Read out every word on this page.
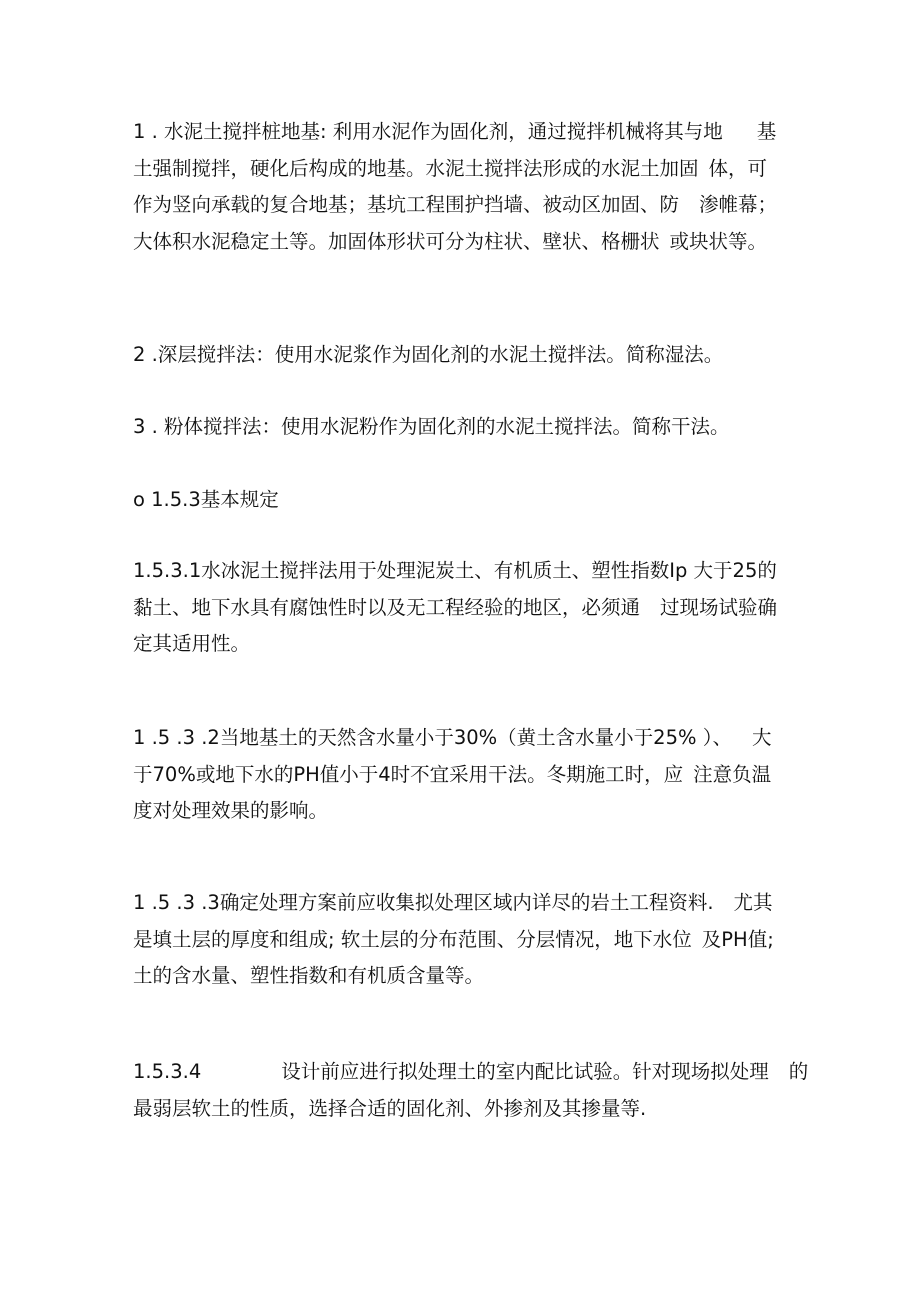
1 . 水泥土搅拌桩地基: 利用水泥作为固化剂，通过搅拌机械将其与地 基
土强制搅拌，硬化后构成的地基。水泥土搅拌法形成的水泥土加固 体，可
作为竖向承载的复合地基；基坑工程围护挡墙、被动区加固、防 渗帷幕；
大体积水泥稳定土等。加固体形状可分为柱状、壁状、格栅状 或块状等。
2 .深层搅拌法：使用水泥浆作为固化剂的水泥土搅拌法。简称湿法。
3 . 粉体搅拌法：使用水泥粉作为固化剂的水泥土搅拌法。简称干法。
o 1.5.3基本规定
1.5.3.1水冰泥土搅拌法用于处理泥炭土、有机质土、塑性指数Ip 大于25的
黏土、地下水具有腐蚀性时以及无工程经验的地区，必须通 过现场试验确
定其适用性。
1 .5 .3 .2当地基土的天然含水量小于30%（黄土含水量小于25% ）、 大
于70%或地下水的PH值小于4时不宜采用干法。冬期施工时，应 注意负温
度对处理效果的影响。
1 .5 .3 .3确定处理方案前应收集拟处理区域内详尽的岩土工程资料. 尤其
是填土层的厚度和组成; 软土层的分布范围、分层情况，地下水位 及PH值;
土的含水量、塑性指数和有机质含量等。
1.5.3.4	设计前应进行拟处理土的室内配比试验。针对现场拟处理 的
最弱层软土的性质，选择合适的固化剂、外掺剂及其掺量等.
